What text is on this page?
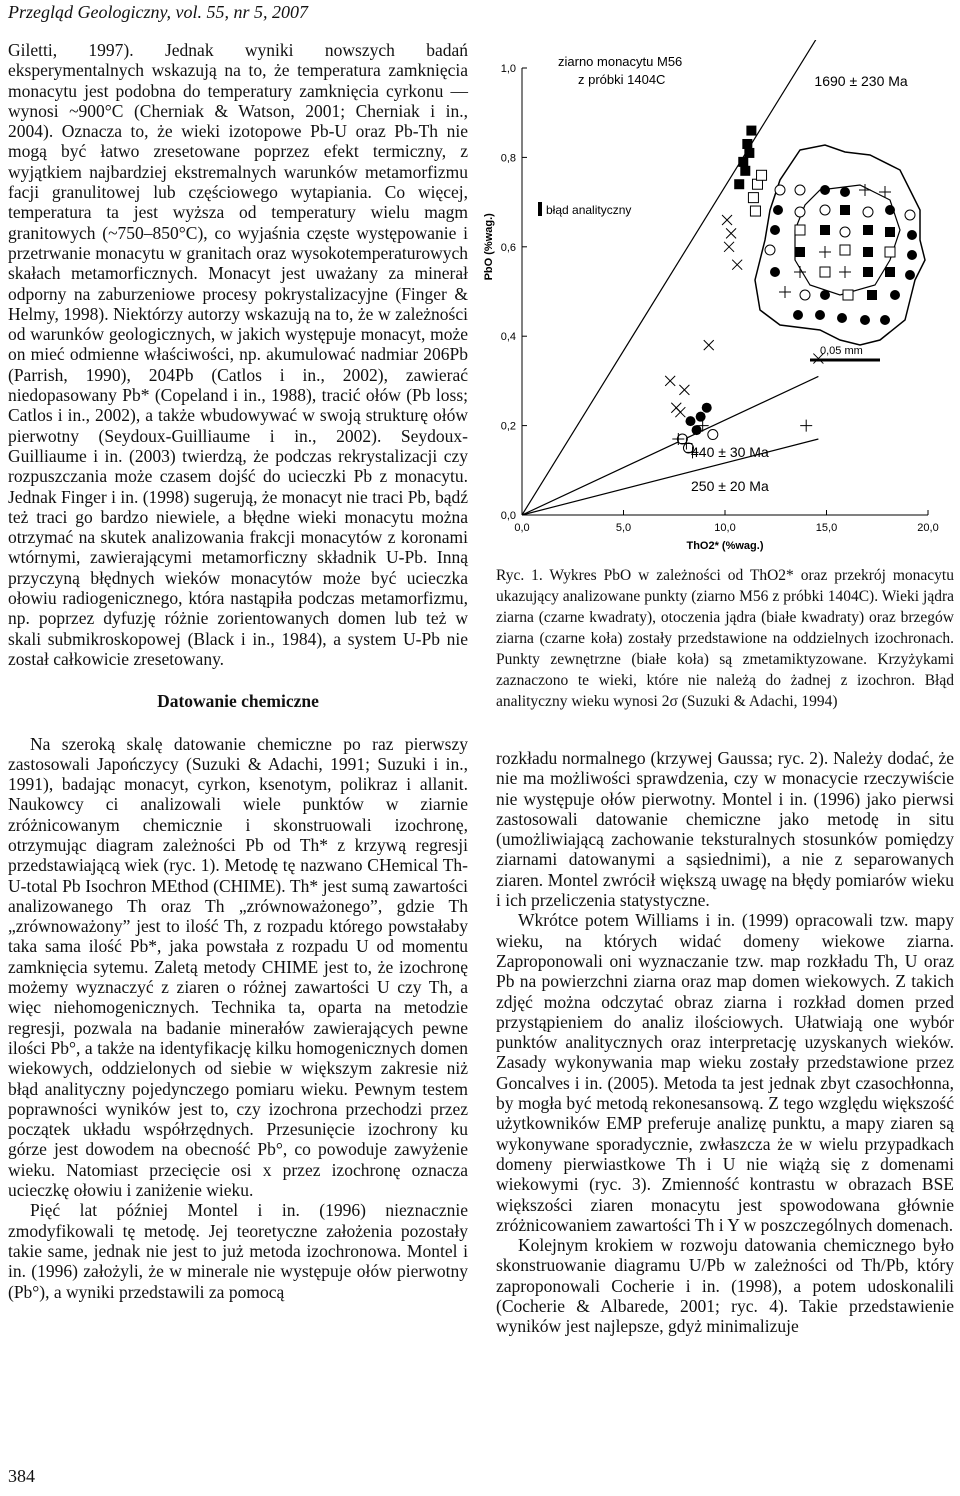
Przegląd Geologiczny, vol. 55, nr 5, 2007

Giletti, 1997). Jednak wyniki nowszych badań eksperymentalnych wskazują na to, że temperatura zamknięcia monacytu jest podobna do temperatury zamknięcia cyrkonu — wynosi ~900°C (Cherniak & Watson, 2001; Cherniak i in., 2004). Oznacza to, że wieki izotopowe Pb-U oraz Pb-Th nie mogą być łatwo zresetowane poprzez efekt termiczny, z wyjątkiem najbardziej ekstremalnych warunków metamorfizmu facji granulitowej lub częściowego wytapiania. Co więcej, temperatura ta jest wyższa od temperatury wielu magm granitowych (~750–850°C), co wyjaśnia częste występowanie i przetrwanie monacytu w granitach oraz wysokotemperaturowych skałach metamorficznych. Monacyt jest uważany za minerał odporny na zaburzeniowe procesy pokrystalizacyjne (Finger & Helmy, 1998). Niektórzy autorzy wskazują na to, że w zależności od warunków geologicznych, w jakich występuje monacyt, może on mieć odmienne właściwości, np. akumulować nadmiar 206Pb (Parrish, 1990), 204Pb (Catlos i in., 2002), zawierać niedopasowany Pb* (Copeland i in., 1988), tracić ołów (Pb loss; Catlos i in., 2002), a także wbudowywać w swoją strukturę ołów pierwotny (Seydoux-Guilliaume i in., 2002). Seydoux-Guilliaume i in. (2003) twierdzą, że podczas rekrystalizacji czy rozpuszczania może czasem dojść do ucieczki Pb z monacytu. Jednak Finger i in. (1998) sugerują, że monacyt nie traci Pb, bądź też traci go bardzo niewiele, a błędne wieki monacytu można otrzymać na skutek analizowania frakcji monacytów z koronami wtórnymi, zawierającymi metamorficzny składnik U-Pb. Inną przyczyną błędnych wieków monacytów może być ucieczka ołowiu radiogenicznego, która nastąpiła podczas metamorfizmu, np. poprzez dyfuzję różnie zorientowanych domen lub też w skali submikroskopowej (Black i in., 1984), a system U-Pb nie został całkowicie zresetowany.

Datowanie chemiczne

Na szeroką skalę datowanie chemiczne po raz pierwszy zastosowali Japończycy (Suzuki & Adachi, 1991; Suzuki i in., 1991), badając monacyt, cyrkon, ksenotym, polikraz i allanit. Naukowcy ci analizowali wiele punktów w ziarnie zróżnicowanym chemicznie i skonstruowali izochronę, otrzymując diagram zależności Pb od Th* z krzywą regresji przedstawiającą wiek (ryc. 1). Metodę tę nazwano CHemical Th-U-total Pb Isochron MEthod (CHIME). Th* jest sumą zawartości analizowanego Th oraz Th „zrównoważonego”, gdzie Th „zrównoważony” jest to ilość Th, z rozpadu którego powstałaby taka sama ilość Pb*, jaka powstała z rozpadu U od momentu zamknięcia sytemu. Zaletą metody CHIME jest to, że izochronę możemy wyznaczyć z ziaren o różnej zawartości U czy Th, a więc niehomogenicznych. Technika ta, oparta na metodzie regresji, pozwala na badanie minerałów zawierających pewne ilości Pb°, a także na identyfikację kilku homogenicznych domen wiekowych, oddzielonych od siebie w większym zakresie niż błąd analityczny pojedynczego pomiaru wieku. Pewnym testem poprawności wyników jest to, czy izochrona przechodzi przez początek układu współrzędnych. Przesunięcie izochrony ku górze jest dowodem na obecność Pb°, co powoduje zawyżenie wieku. Natomiast przecięcie osi x przez izochronę oznacza ucieczkę ołowiu i zaniżenie wieku.

Pięć lat później Montel i in. (1996) nieznacznie zmodyfikowali tę metodę. Jej teoretyczne założenia pozostały takie same, jednak nie jest to już metoda izochronowa. Montel i in. (1996) założyli, że w minerale nie występuje ołów pierwotny (Pb°), a wyniki przedstawili za pomocą

0,0	5,0	10,0	15,0	20,0
0,0
0,2
0,4
0,6
0,8
1,0
ThO2* (%wag.)
PbO (%wag.)
0,05 mm
ziarno monacytu M56
z próbki 1404C
błąd analityczny
1690 ± 230 Ma
440 ± 30 Ma
250 ± 20 Ma

Ryc. 1. Wykres PbO w zależności od ThO2* oraz przekrój monacytu ukazujący analizowane punkty (ziarno M56 z próbki 1404C). Wieki jądra ziarna (czarne kwadraty), otoczenia jądra (białe kwadraty) oraz brzegów ziarna (czarne koła) zostały przedstawione na oddzielnych izochronach. Punkty zewnętrzne (białe koła) są zmetamiktyzowane. Krzyżykami zaznaczono te wieki, które nie należą do żadnej z izochron. Błąd analityczny wieku wynosi 2σ (Suzuki & Adachi, 1994)

rozkładu normalnego (krzywej Gaussa; ryc. 2). Należy dodać, że nie ma możliwości sprawdzenia, czy w monacycie rzeczywiście nie występuje ołów pierwotny. Montel i in. (1996) jako pierwsi zastosowali datowanie chemiczne jako metodę in situ (umożliwiającą zachowanie teksturalnych stosunków pomiędzy ziarnami datowanymi a sąsiednimi), a nie z separowanych ziaren. Montel zwrócił większą uwagę na błędy pomiarów wieku i ich przeliczenia statystyczne.

Wkrótce potem Williams i in. (1999) opracowali tzw. mapy wieku, na których widać domeny wiekowe ziarna. Zaproponowali oni wyznaczanie tzw. map rozkładu Th, U oraz Pb na powierzchni ziarna oraz map domen wiekowych. Z takich zdjęć można odczytać obraz ziarna i rozkład domen przed przystąpieniem do analiz ilościowych. Ułatwiają one wybór punktów analitycznych oraz interpretację uzyskanych wieków. Zasady wykonywania map wieku zostały przedstawione przez Goncalves i in. (2005). Metoda ta jest jednak zbyt czasochłonna, by mogła być metodą rekonesansową. Z tego względu większość użytkowników EMP preferuje analizę punktu, a mapy ziaren są wykonywane sporadycznie, zwłaszcza że w wielu przypadkach domeny pierwiastkowe Th i U nie wiążą się z domenami wiekowymi (ryc. 3). Zmienność kontrastu w obrazach BSE większości ziaren monacytu jest spowodowana głównie zróżnicowaniem zawartości Th i Y w poszczególnych domenach.

Kolejnym krokiem w rozwoju datowania chemicznego było skonstruowanie diagramu U/Pb w zależności od Th/Pb, który zaproponowali Cocherie i in. (1998), a potem udoskonalili (Cocherie & Albarede, 2001; ryc. 4). Takie przedstawienie wyników jest najlepsze, gdyż minimalizuje

384
